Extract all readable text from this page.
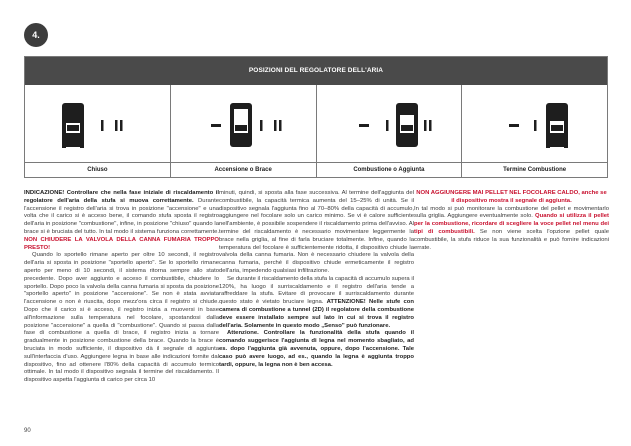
4.
POSIZIONI DEL REGOLATORE DELL'ARIA
Chiuso	Accensione o Brace	Combustione o Aggiunta	Termine Combustione

INDICAZIONE! Controllare che nella fase iniziale di riscaldamento il regolatore dell'aria della stufa si muova correttamente. Durante l'accensione il registro dell'aria si trova in posizione "accensione" e una volta che il carico si è acceso bene, il comando stufa sposta il registro dell'aria in posizione "combustione", infine, in posizione "chiuso" quando la brace si è bruciata del tutto. In tal modo il sistema funziona correttamente. NON CHIUDERE LA VALVOLA DELLA CANNA FUMARIA TROPPO PRESTO!

Quando lo sportello rimane aperto per oltre 10 secondi, il registro dell'aria si sposta in posizione "sportello aperto". Se lo sportello rimane aperto per meno di 10 secondi, il sistema ritorna sempre allo stato precedente. Dopo aver aggiunto e acceso il combustibile, chiudere lo sportello. Dopo poco la valvola della canna fumaria si sposta da posizione "sportello aperto" in posizione "accensione". Se non è stata avviata l'accensione o non è riuscita, dopo mezz'ora circa il registro si chiude. Dopo che il carico si è acceso, il registro inizia a muoversi in base all'informazione sulla temperatura nel focolare, spostandosi dalla posizione "accensione" a quella di "combustione". Quando si passa dalla fase di combustione a quella di brace, il registro inizia a tornare gradualmente in posizione combustione della brace. Quando la brace è bruciata in modo sufficiente, il dispositivo dà il segnale di aggiunta sull'interfaccia d'uso. Aggiungere legna in base alle indicazioni fornite dal dispositivo, fino ad ottenere l'80% della capacità di accumulo termico ottimale. In tal modo il dispositivo segnala il termine del riscaldamento. Il dispositivo aspetta l'aggiunta di carico per circa 10

minuti, quindi, si sposta alla fase successiva. Al termine dell'aggiunta del combustibile, la capacità termica aumenta del 15–25% di unità. Se il dispositivo segnala l'aggiunta fino al 70–80% della capacità di accumulo, aggiungere nel focolare solo un carico minimo. Se vi è calore sufficiente nell'ambiente, è possibile sospendere il riscaldamento prima dell'avviso. Al termine del riscaldamento è necessario movimentare leggermente la brace nella griglia, al fine di farla bruciare totalmente. Infine, quando la temperatura del focolare è sufficientemente ridotta, il dispositivo chiude la valvola della canna fumaria. Non è necessario chiudere la valvola della canna fumaria, perché il dispositivo chiude ermeticamente il registro dell'aria, impedendo qualsiasi infiltrazione.

Se durante il riscaldamento della stufa la capacità di accumulo supera il 120%, ha luogo il surriscaldamento e il registro dell'aria tende a raffreddare la stufa. Evitare di provocare il surriscaldamento durante questo stato è vietato bruciare legna. ATTENZIONE! Nelle stufe con camera di combustione a tunnel (2D) il regolatore della combustione deve essere installato sempre sul lato in cui si trova il registro dell'aria. Solamente in questo modo „Senso" può funzionare.

Attenzione. Controllare la funzionalità della stufa quando il comando suggerisce l'aggiunta di legna nel momento sbagliato, ad es. dopo l'aggiunta già avvenuta, oppure, dopo l'accensione. Tale caso può avere luogo, ad es., quando la legna è aggiunta troppo tardi, oppure, la legna non è ben accesa.

NON AGGIUNGERE MAI PELLET NEL FOCOLARE CALDO, anche se il dispositivo mostra il segnale di aggiunta.
In tal modo si può monitorare la combustione del pellet e movimentarlo sulla griglia. Aggiungere eventualmente solo. Quando si utilizza il pellet per la combustione, ricordare di scegliere la voce pellet nel menu dei tipi di combustibili. Se non viene scelta l'opzione pellet quale combustibile, la stufa riduce la sua funzionalità e può fornire indicazioni errate.

90
